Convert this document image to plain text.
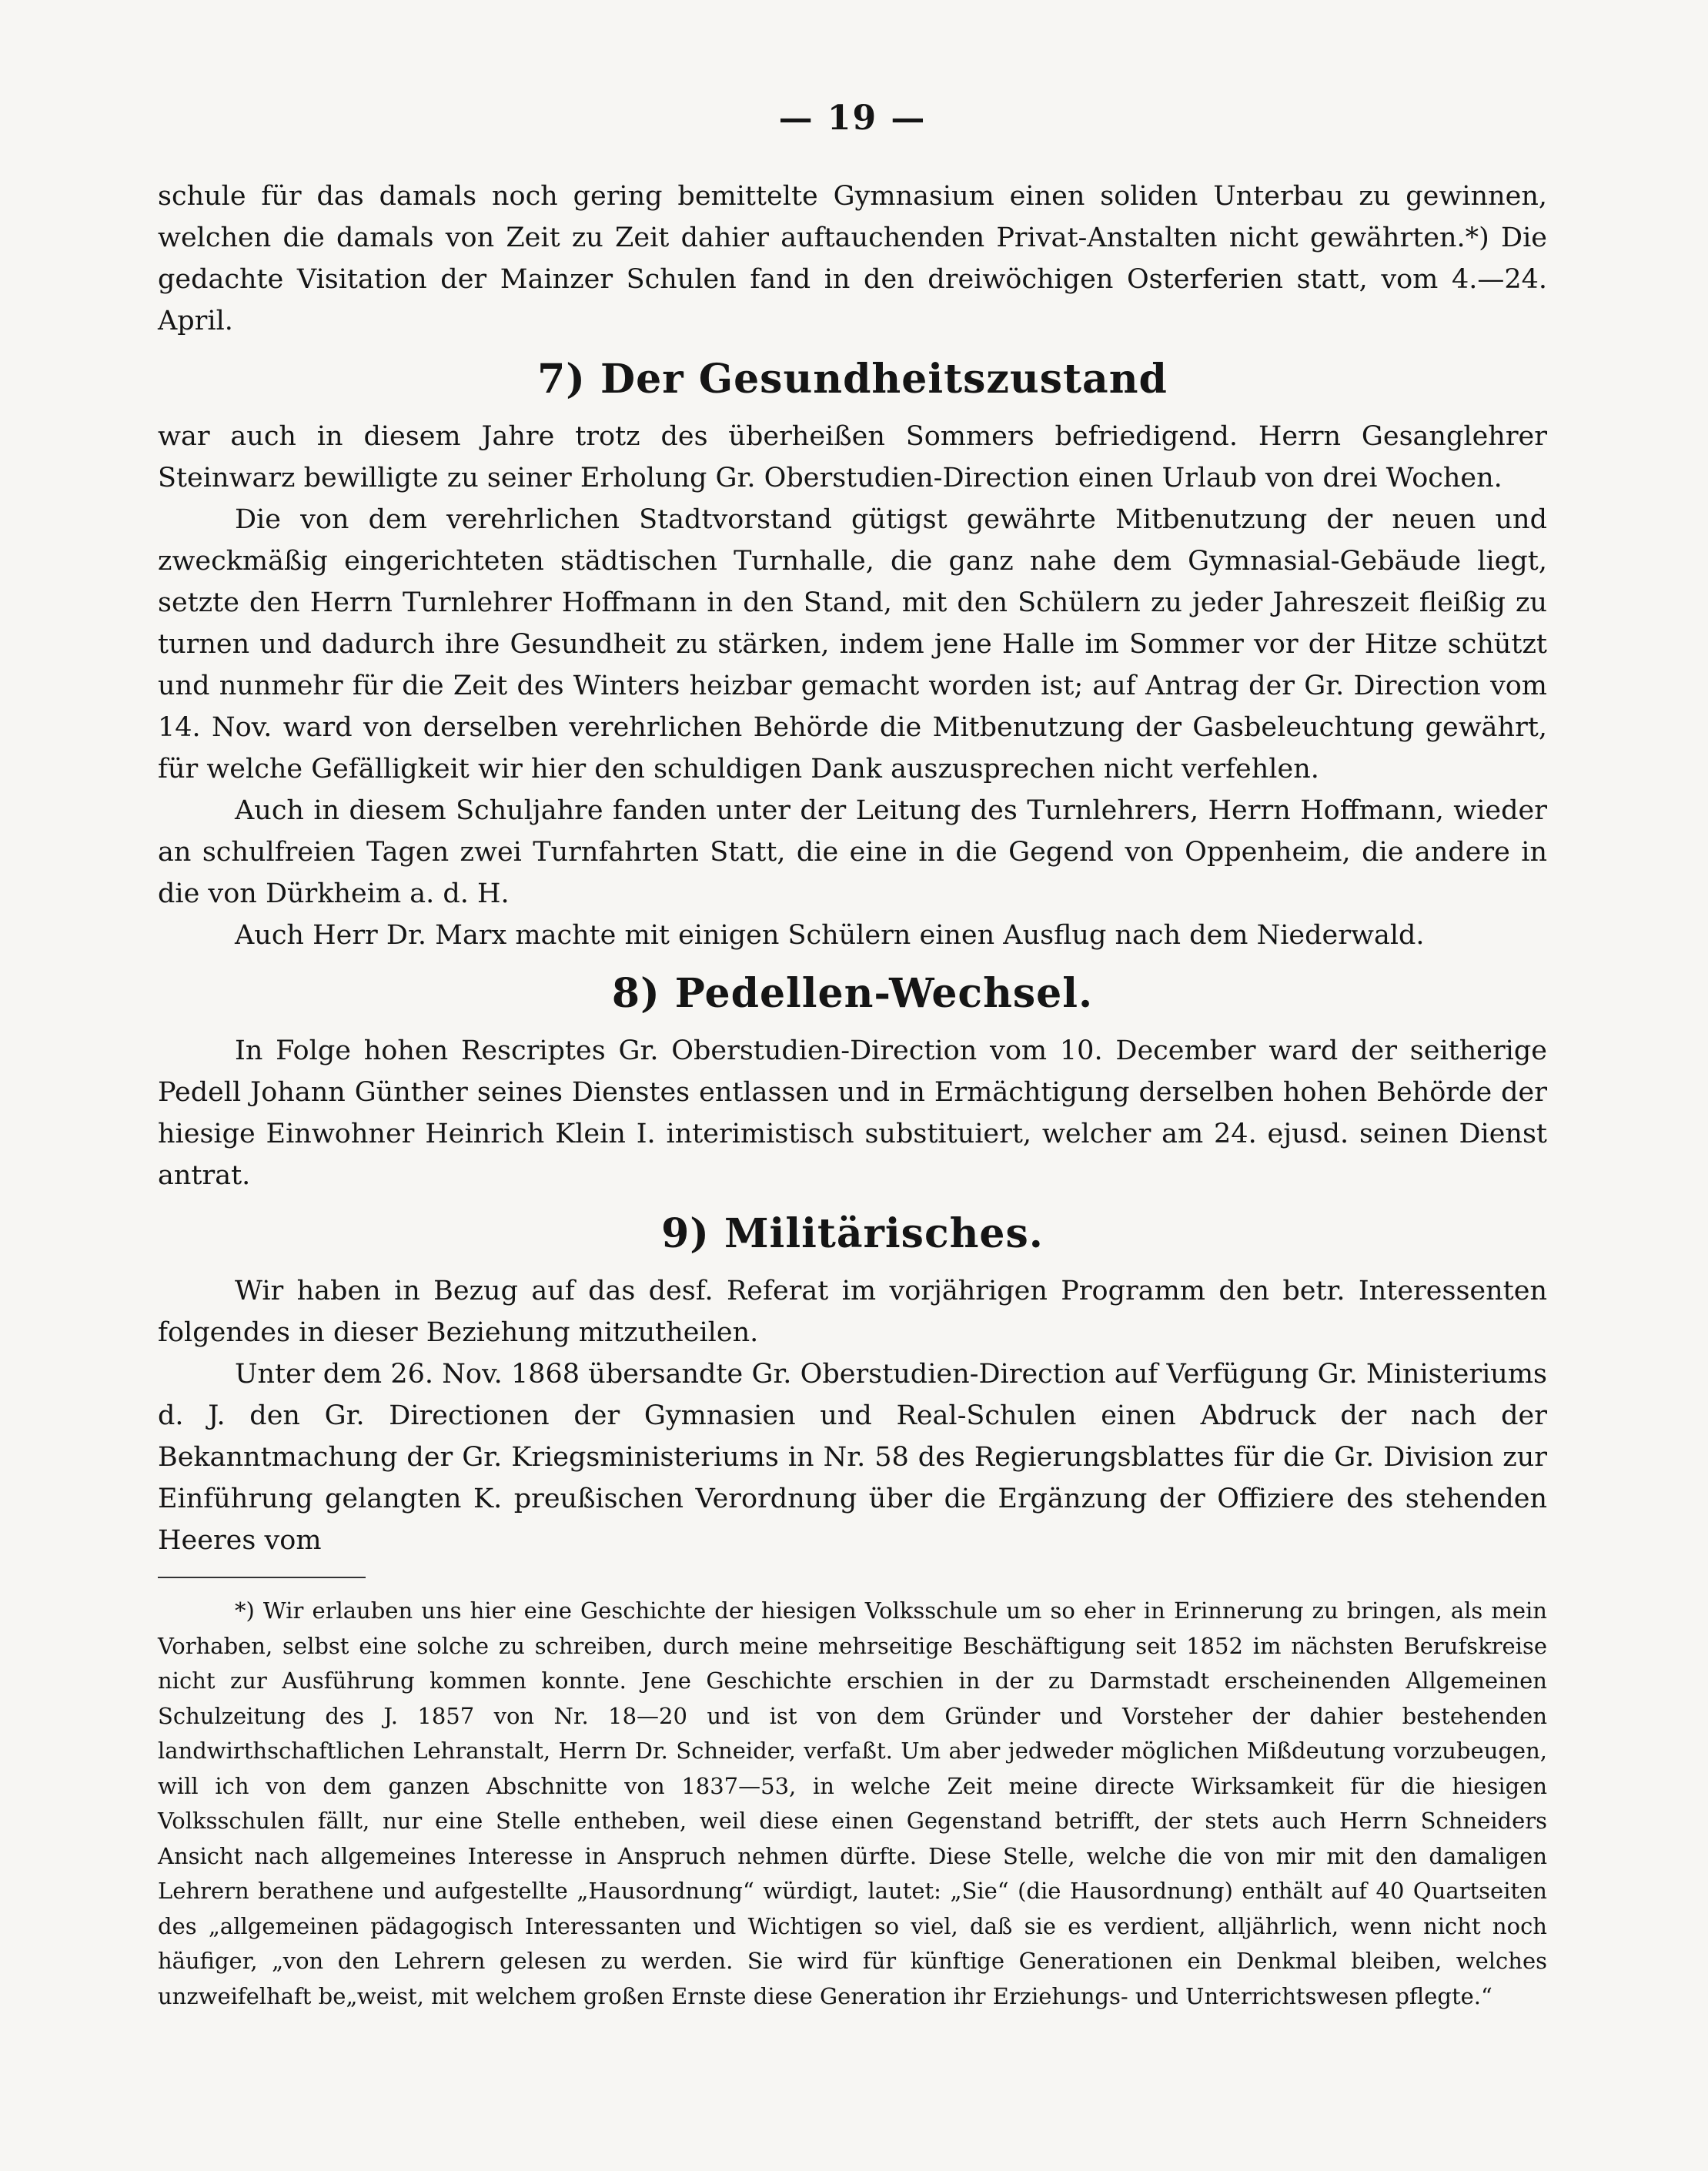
— 19 —

schule für das damals noch gering bemittelte Gymnasium einen soliden Unterbau zu gewinnen, welchen die damals von Zeit zu Zeit dahier auftauchenden Privat-Anstalten nicht gewährten.*) Die gedachte Visitation der Mainzer Schulen fand in den dreiwöchigen Osterferien statt, vom 4.—24. April.

7) Der Gesundheitszustand

war auch in diesem Jahre trotz des überheißen Sommers befriedigend. Herrn Gesanglehrer Steinwarz bewilligte zu seiner Erholung Gr. Oberstudien-Direction einen Urlaub von drei Wochen.

Die von dem verehrlichen Stadtvorstand gütigst gewährte Mitbenutzung der neuen und zweckmäßig eingerichteten städtischen Turnhalle, die ganz nahe dem Gymnasial-Gebäude liegt, setzte den Herrn Turnlehrer Hoffmann in den Stand, mit den Schülern zu jeder Jahreszeit fleißig zu turnen und dadurch ihre Gesundheit zu stärken, indem jene Halle im Sommer vor der Hitze schützt und nunmehr für die Zeit des Winters heizbar gemacht worden ist; auf Antrag der Gr. Direction vom 14. Nov. ward von derselben verehrlichen Behörde die Mitbenutzung der Gasbeleuchtung gewährt, für welche Gefälligkeit wir hier den schuldigen Dank auszusprechen nicht verfehlen.

Auch in diesem Schuljahre fanden unter der Leitung des Turnlehrers, Herrn Hoffmann, wieder an schulfreien Tagen zwei Turnfahrten Statt, die eine in die Gegend von Oppenheim, die andere in die von Dürkheim a. d. H.

Auch Herr Dr. Marx machte mit einigen Schülern einen Ausflug nach dem Niederwald.

8) Pedellen-Wechsel.

In Folge hohen Rescriptes Gr. Oberstudien-Direction vom 10. December ward der seitherige Pedell Johann Günther seines Dienstes entlassen und in Ermächtigung derselben hohen Behörde der hiesige Einwohner Heinrich Klein I. interimistisch substituiert, welcher am 24. ejusd. seinen Dienst antrat.

9) Militärisches.

Wir haben in Bezug auf das desf. Referat im vorjährigen Programm den betr. Interessenten folgendes in dieser Beziehung mitzutheilen.

Unter dem 26. Nov. 1868 übersandte Gr. Oberstudien-Direction auf Verfügung Gr. Ministeriums d. J. den Gr. Directionen der Gymnasien und Real-Schulen einen Abdruck der nach der Bekanntmachung der Gr. Kriegsministeriums in Nr. 58 des Regierungsblattes für die Gr. Division zur Einführung gelangten K. preußischen Verordnung über die Ergänzung der Offiziere des stehenden Heeres vom

*) Wir erlauben uns hier eine Geschichte der hiesigen Volksschule um so eher in Erinnerung zu bringen, als mein Vorhaben, selbst eine solche zu schreiben, durch meine mehrseitige Beschäftigung seit 1852 im nächsten Berufskreise nicht zur Ausführung kommen konnte. Jene Geschichte erschien in der zu Darmstadt erscheinenden Allgemeinen Schulzeitung des J. 1857 von Nr. 18—20 und ist von dem Gründer und Vorsteher der dahier bestehenden landwirthschaftlichen Lehranstalt, Herrn Dr. Schneider, verfaßt. Um aber jedweder möglichen Mißdeutung vorzubeugen, will ich von dem ganzen Abschnitte von 1837—53, in welche Zeit meine directe Wirksamkeit für die hiesigen Volksschulen fällt, nur eine Stelle entheben, weil diese einen Gegenstand betrifft, der stets auch Herrn Schneiders Ansicht nach allgemeines Interesse in Anspruch nehmen dürfte. Diese Stelle, welche die von mir mit den damaligen Lehrern berathene und aufgestellte „Hausordnung“ würdigt, lautet: „Sie“ (die Hausordnung) enthält auf 40 Quartseiten des „allgemeinen pädagogisch Interessanten und Wichtigen so viel, daß sie es verdient, alljährlich, wenn nicht noch häufiger, „von den Lehrern gelesen zu werden. Sie wird für künftige Generationen ein Denkmal bleiben, welches unzweifelhaft be„weist, mit welchem großen Ernste diese Generation ihr Erziehungs- und Unterrichtswesen pflegte.“
